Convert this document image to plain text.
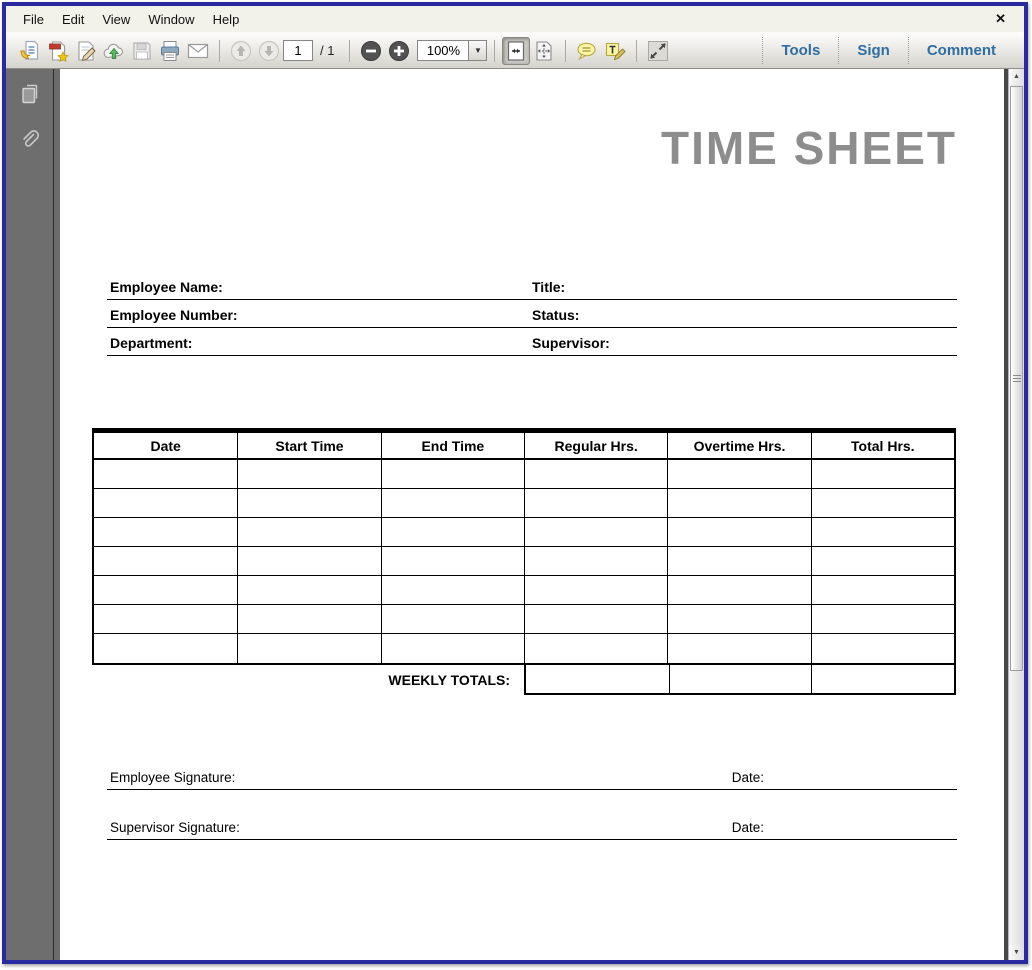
File	Edit	View	Window	Help	✕
1
/ 1	100%	▼	Tools	Sign	Comment
TIME SHEET
Employee Name:	Title:
Employee Number:	Status:
Department:	Supervisor:
Date	Start Time	End Time	Regular Hrs.	Overtime Hrs.	Total Hrs.
WEEKLY TOTALS:
Employee Signature:	Date:
Supervisor Signature:	Date:
▲
▼
